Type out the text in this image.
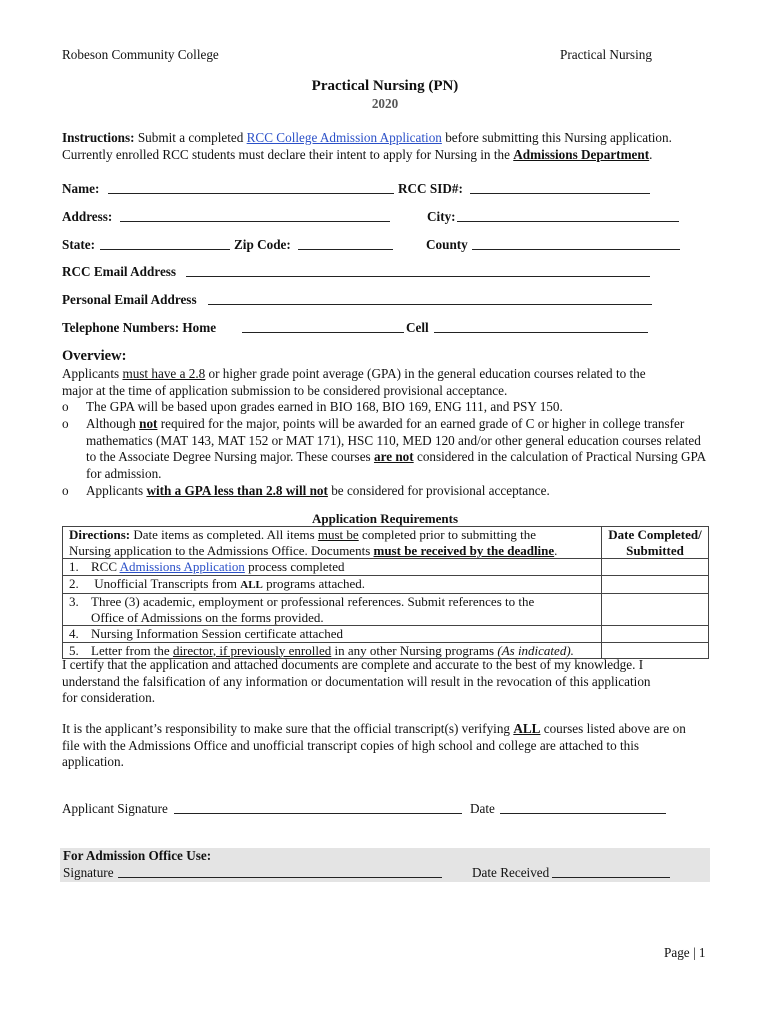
Robeson Community College	Practical Nursing
Practical Nursing (PN)
2020
Instructions: Submit a completed RCC College Admission Application before submitting this Nursing application.
Currently enrolled RCC students must declare their intent to apply for Nursing in the Admissions Department.
Name:	RCC SID#:
Address:	City:
State:	Zip Code:	County
RCC Email Address
Personal Email Address
Telephone Numbers: Home	Cell
Overview:
Applicants must have a 2.8 or higher grade point average (GPA) in the general education courses related to the
major at the time of application submission to be considered provisional acceptance.
o The GPA will be based upon grades earned in BIO 168, BIO 169, ENG 111, and PSY 150.
o Although not required for the major, points will be awarded for an earned grade of C or higher in college transfer mathematics (MAT 143, MAT 152 or MAT 171), HSC 110, MED 120 and/or other general education courses related to the Associate Degree Nursing major. These courses are not considered in the calculation of Practical Nursing GPA for admission.
o Applicants with a GPA less than 2.8 will not be considered for provisional acceptance.
Application Requirements
Directions: Date items as completed. All items must be completed prior to submitting the
Nursing application to the Admissions Office. Documents must be received by the deadline.	Date Completed/
Submitted
1. RCC Admissions Application process completed	
2. Unofficial Transcripts from ALL programs attached.	
3. Three (3) academic, employment or professional references. Submit references to the
Office of Admissions on the forms provided.	
4. Nursing Information Session certificate attached	
5. Letter from the director, if previously enrolled in any other Nursing programs (As indicated).	
I certify that the application and attached documents are complete and accurate to the best of my knowledge. I
understand the falsification of any information or documentation will result in the revocation of this application
for consideration.
It is the applicant’s responsibility to make sure that the official transcript(s) verifying ALL courses listed above are on
file with the Admissions Office and unofficial transcript copies of high school and college are attached to this
application.
Applicant Signature	Date
For Admission Office Use:
Signature	Date Received
Page | 1
